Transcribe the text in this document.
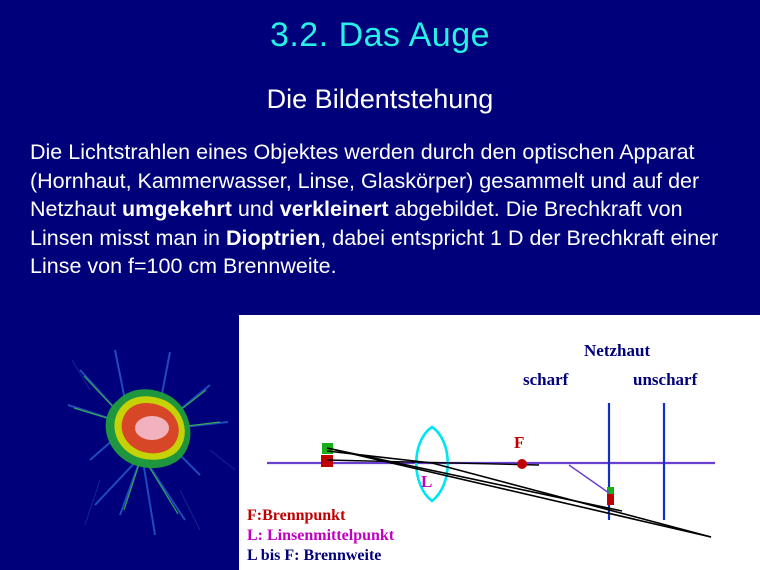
3.2. Das Auge
Die Bildentstehung
Die Lichtstrahlen eines Objektes werden durch den optischen Apparat (Hornhaut, Kammerwasser, Linse, Glaskörper) gesammelt und auf der Netzhaut umgekehrt und verkleinert abgebildet. Die Brechkraft von Linsen misst man in Dioptrien, dabei entspricht 1 D der Brechkraft einer Linse von f=100 cm Brennweite.
Netzhaut
scharf	unscharf
F
L
F:Brennpunkt
L: Linsenmittelpunkt
L bis F: Brennweite
